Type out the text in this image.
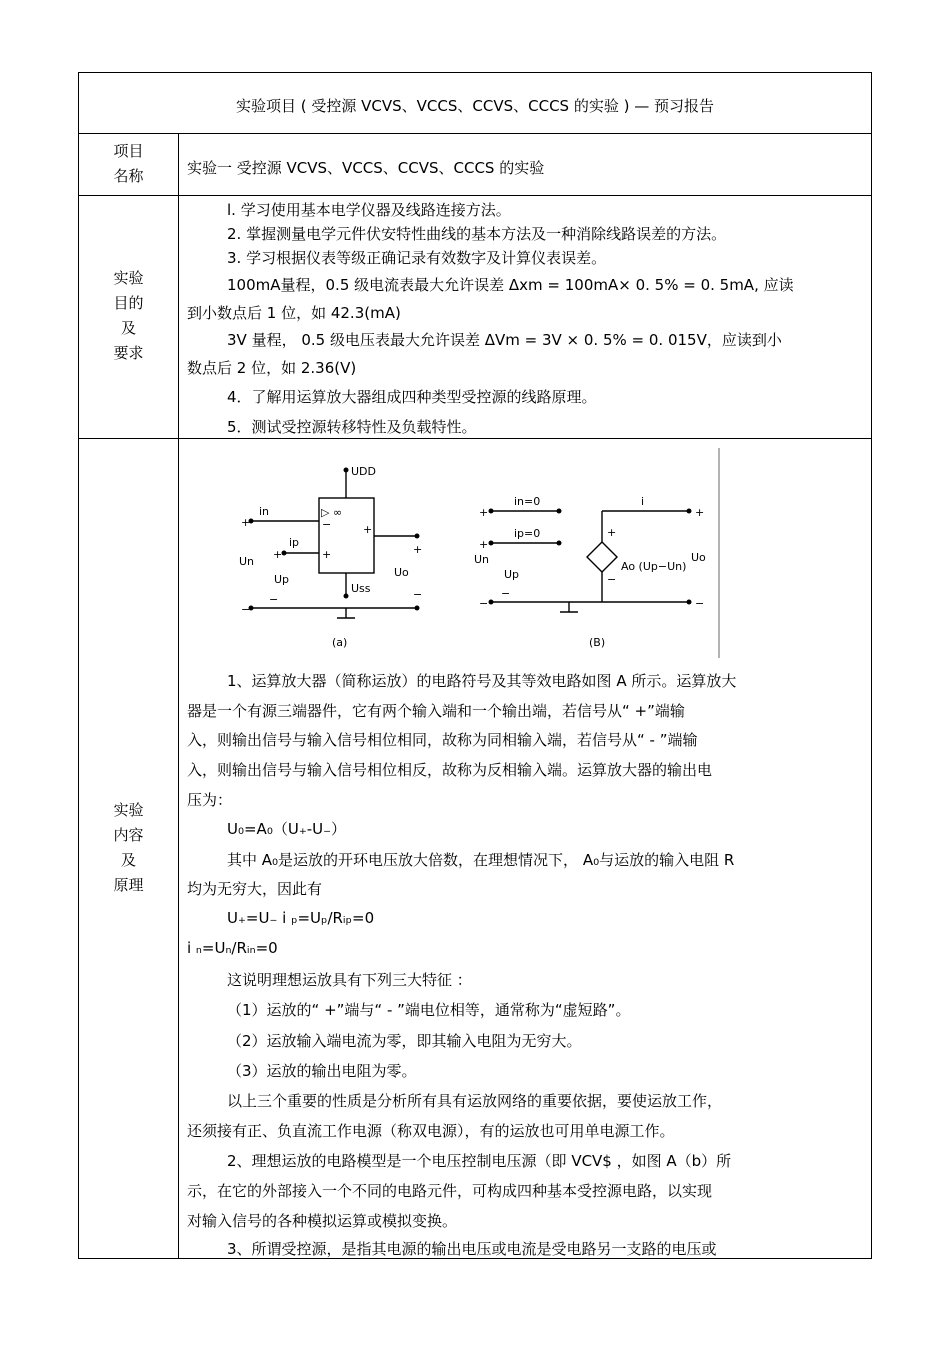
实验项目 ( 受控源 VCVS、VCCS、CCVS、CCCS 的实验 ) — 预习报告
项目
名称	实验一 受控源 VCVS、VCCS、CCVS、CCCS 的实验
实验
目的
及
要求
l. 学习使用基本电学仪器及线路连接方法。
2. 掌握测量电学元件伏安特性曲线的基本方法及一种消除线路误差的方法。
3. 学习根据仪表等级正确记录有效数字及计算仪表误差。
100mA量程，0.5 级电流表最大允许误差 Δxm = 100mA× 0. 5% = 0. 5mA, 应读
到小数点后 1 位，如 42.3(mA)
3V 量程， 0.5 级电压表最大允许误差 ΔVm = 3V × 0. 5% = 0. 015V，应读到小
数点后 2 位，如 2.36(V)
4．了解用运算放大器组成四种类型受控源的线路原理。
5．测试受控源转移特性及负载特性。
实验
内容
及
原理
UDD
Uss
▷ ∞
in
ip
Un
Up
Uo
+
+
−
+
+
+
−
−	−
(a)
in=0
ip=0
i
Un
Up
Uo
Ao (Up−Un)
+
+
−
−
+
−
+
−
(B)
1、运算放大器（简称运放）的电路符号及其等效电路如图 A 所示。运算放大
器是一个有源三端器件，它有两个输入端和一个输出端，若信号从“ +”端输
入，则输出信号与输入信号相位相同，故称为同相输入端，若信号从“ - ”端输
入，则输出信号与输入信号相位相反，故称为反相输入端。运算放大器的输出电
压为：
U₀=A₀（U₊-U₋）
其中 A₀是运放的开环电压放大倍数，在理想情况下， A₀与运放的输入电阻 R
均为无穷大，因此有
U₊=U₋ i ₚ=Uₚ/Rᵢₚ=0
i ₙ=Uₙ/Rᵢₙ=0
这说明理想运放具有下列三大特征 ：
（1）运放的“ +”端与“ - ”端电位相等，通常称为“虚短路”。
（2）运放输入端电流为零，即其输入电阻为无穷大。
（3）运放的输出电阻为零。
以上三个重要的性质是分析所有具有运放网络的重要依据，要使运放工作，
还须接有正、负直流工作电源（称双电源），有的运放也可用单电源工作。
2、理想运放的电路模型是一个电压控制电压源（即 VCV$ ，如图 A（b）所
示，在它的外部接入一个不同的电路元件，可构成四种基本受控源电路，以实现
对输入信号的各种模拟运算或模拟变换。
3、所谓受控源，是指其电源的输出电压或电流是受电路另一支路的电压或
